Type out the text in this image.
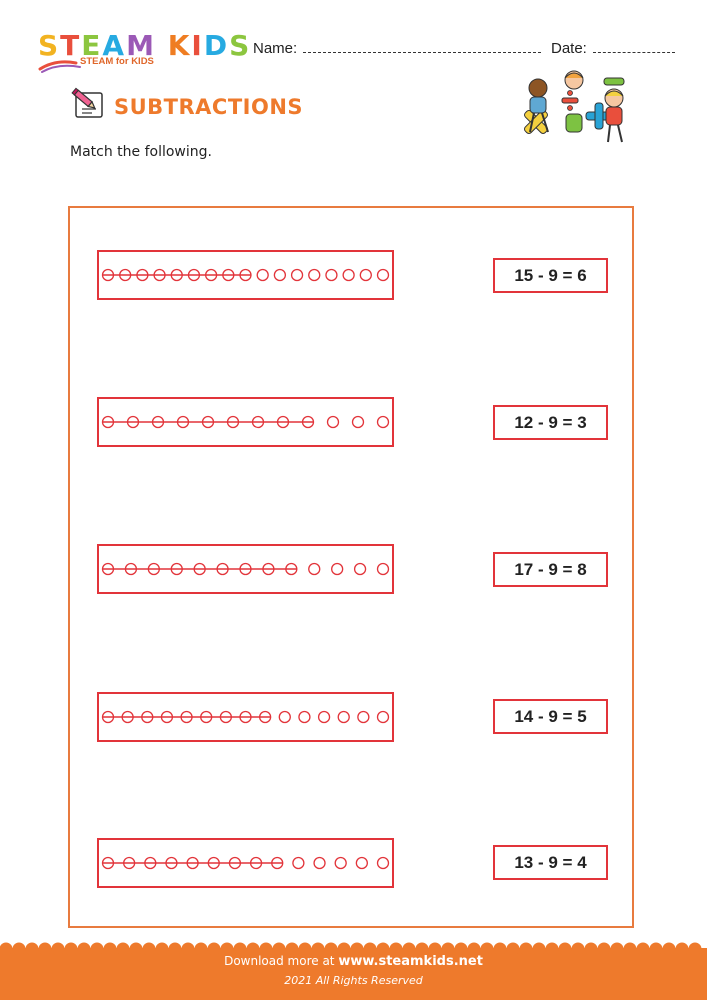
STEAM KIDS
STEAM for KIDS
Name:	Date:
SUBTRACTIONS
Match the following.
15 - 9 = 6
12 - 9 = 3
17 - 9 = 8
14 - 9 = 5
13 - 9 = 4
Download more at www.steamkids.net
2021 All Rights Reserved
